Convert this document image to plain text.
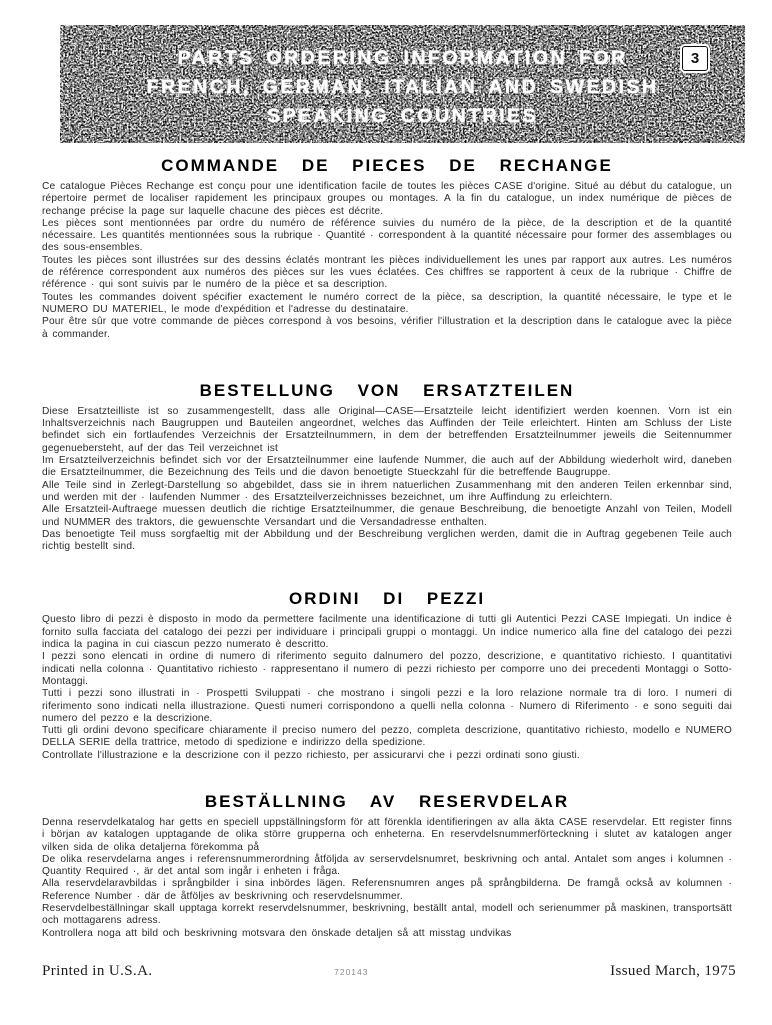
PARTS ORDERING INFORMATION FOR
FRENCH, GERMAN, ITALIAN AND SWEDISH
SPEAKING COUNTRIES
3
COMMANDE DE PIECES DE RECHANGE

Ce catalogue Pièces Rechange est conçu pour une identification facile de toutes les pièces CASE d'origine. Situé au début du catalogue, un répertoire permet de localiser rapidement les principaux groupes ou montages. A la fin du catalogue, un index numérique de pièces de rechange précise la page sur laquelle chacune des pièces est décrite.

Les pièces sont mentionnées par ordre du numéro de référence suivies du numéro de la pièce, de la description et de la quantité nécessaire. Les quantités mentionnées sous la rubrique · Quantité · correspondent à la quantité nécessaire pour former des assemblages ou des sous-ensembles.

Toutes les pièces sont illustrées sur des dessins éclatés montrant les pièces individuellement les unes par rapport aux autres. Les numéros de référence correspondent aux numéros des pièces sur les vues éclatées. Ces chiffres se rapportent à ceux de la rubrique · Chiffre de référence · qui sont suivis par le numéro de la pièce et sa description.

Toutes les commandes doivent spécifier exactement le numéro correct de la pièce, sa description, la quantité nécessaire, le type et le NUMERO DU MATERIEL, le mode d'expédition et l'adresse du destinataire.

Pour être sûr que votre commande de pièces correspond à vos besoins, vérifier l'illustration et la description dans le catalogue avec la pièce à commander.

BESTELLUNG VON ERSATZTEILEN

Diese Ersatzteilliste ist so zusammengestellt, dass alle Original—CASE—Ersatzteile leicht identifiziert werden koennen. Vorn ist ein Inhaltsverzeichnis nach Baugruppen und Bauteilen angeordnet, welches das Auffinden der Teile erleichtert. Hinten am Schluss der Liste befindet sich ein fortlaufendes Verzeichnis der Ersatzteilnummern, in dem der betreffenden Ersatzteilnummer jeweils die Seitennummer gegenuebersteht, auf der das Teil verzeichnet ist

Im Ersatzteilverzeichnis befindet sich vor der Ersatzteilnummer eine laufende Nummer, die auch auf der Abbildung wiederholt wird, daneben die Ersatzteilnummer, die Bezeichnung des Teils und die davon benoetigte Stueckzahl für die betreffende Baugruppe.

Alle Teile sind in Zerlegt-Darstellung so abgebildet, dass sie in ihrem natuerlichen Zusammenhang mit den anderen Teilen erkennbar sind, und werden mit der · laufenden Nummer · des Ersatzteilverzeichnisses bezeichnet, um ihre Auffindung zu erleichtern.

Alle Ersatzteil-Auftraege muessen deutlich die richtige Ersatzteilnummer, die genaue Beschreibung, die benoetigte Anzahl von Teilen, Modell und NUMMER des traktors, die gewuenschte Versandart und die Versandadresse enthalten.

Das benoetigte Teil muss sorgfaeltig mit der Abbildung und der Beschreibung verglichen werden, damit die in Auftrag gegebenen Teile auch richtig bestellt sind.

ORDINI DI PEZZI

Questo libro di pezzi è disposto in modo da permettere facilmente una identificazione di tutti gli Autentici Pezzi CASE Impiegati. Un indice è fornito sulla facciata del catalogo dei pezzi per individuare i principali gruppi o montaggi. Un indice numerico alla fine del catalogo dei pezzi indica la pagina in cui ciascun pezzo numerato è descritto.

I pezzi sono elencati in ordine di numero di riferimento seguito dalnumero del pozzo, descrizione, e quantitativo richiesto. I quantitativi indicati nella colonna · Quantitativo richiesto · rappresentano il numero di pezzi richiesto per comporre uno dei precedenti Montaggi o Sotto- Montaggi.

Tutti i pezzi sono illustrati in · Prospetti Sviluppati · che mostrano i singoli pezzi e la loro relazione normale tra di loro. I numeri di riferimento sono indicati nella illustrazione. Questi numeri corrispondono a quelli nella colonna · Numero di Riferimento · e sono seguiti dai numero del pezzo e la descrizione.

Tutti gli ordini devono specificare chiaramente il preciso numero del pezzo, completa descrizione, quantitativo richiesto, modello e NUMERO DELLA SERIE della trattrice, metodo di spedizione e indirizzo della spedizione.

Controllate l'illustrazione e la descrizione con il pezzo richiesto, per assicurarvi che i pezzi ordinati sono giusti.

BESTÄLLNING AV RESERVDELAR

Denna reservdelkatalog har getts en speciell uppställningsform för att förenkla identifieringen av alla äkta CASE reservdelar. Ett register finns i början av katalogen upptagande de olika större grupperna och enheterna. En reservdelsnummerförteckning i slutet av katalogen anger vilken sida de olika detaljerna förekomma på

De olika reservdelarna anges i referensnummerordning åtföljda av serservdelsnumret, beskrivning och antal. Antalet som anges i kolumnen · Quantity Required ·, är det antal som ingår i enheten i fråga.

Alla reservdelaravbildas i språngbilder i sina inbördes lägen. Referensnumren anges på språngbilderna. De framgå också av kolumnen · Reference Number · där de åtföljes av beskrivning och reservdelsnummer.

Reservdelbeställningar skall upptaga korrekt reservdelsnummer, beskrivning, beställt antal, modell och serienummer på maskinen, transportsätt och mottagarens adress.

Kontrollera noga att bild och beskrivning motsvara den önskade detaljen så att misstag undvikas

Printed in U.S.A.	720143	Issued March, 1975
